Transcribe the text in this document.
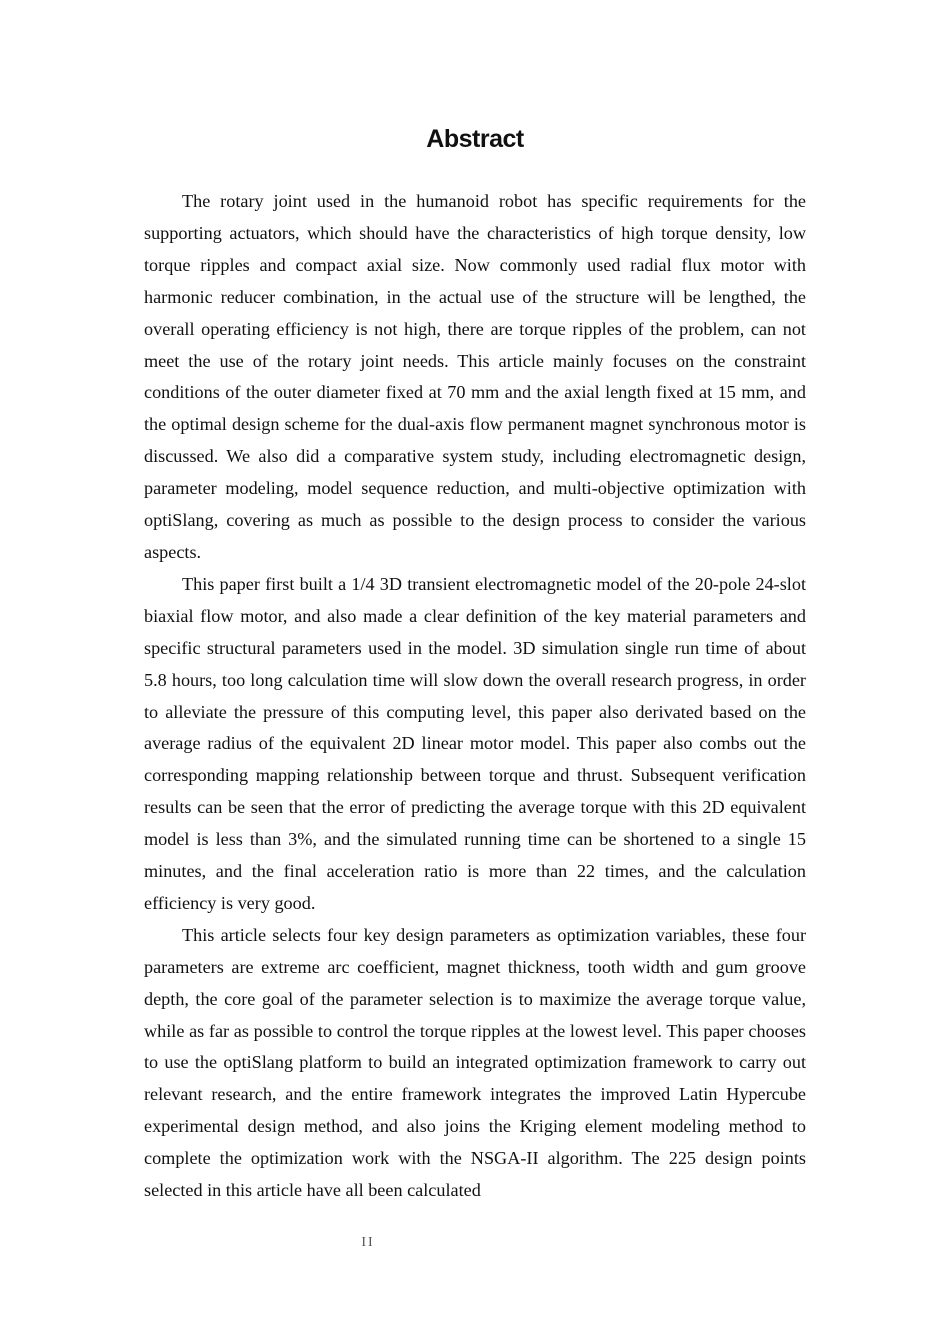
Abstract

The rotary joint used in the humanoid robot has specific requirements for the supporting actuators, which should have the characteristics of high torque density, low torque ripples and compact axial size. Now commonly used radial flux motor with harmonic reducer combination, in the actual use of the structure will be lengthed, the overall operating efficiency is not high, there are torque ripples of the problem, can not meet the use of the rotary joint needs. This article mainly focuses on the constraint conditions of the outer diameter fixed at 70 mm and the axial length fixed at 15 mm, and the optimal design scheme for the dual-axis flow permanent magnet synchronous motor is discussed. We also did a comparative system study, including electromagnetic design, parameter modeling, model sequence reduction, and multi-objective optimization with optiSlang, covering as much as possible to the design process to consider the various aspects.

This paper first built a 1/4 3D transient electromagnetic model of the 20-pole 24-slot biaxial flow motor, and also made a clear definition of the key material parameters and specific structural parameters used in the model. 3D simulation single run time of about 5.8 hours, too long calculation time will slow down the overall research progress, in order to alleviate the pressure of this computing level, this paper also derivated based on the average radius of the equivalent 2D linear motor model. This paper also combs out the corresponding mapping relationship between torque and thrust. Subsequent verification results can be seen that the error of predicting the average torque with this 2D equivalent model is less than 3%, and the simulated running time can be shortened to a single 15 minutes, and the final acceleration ratio is more than 22 times, and the calculation efficiency is very good.

This article selects four key design parameters as optimization variables, these four parameters are extreme arc coefficient, magnet thickness, tooth width and gum groove depth, the core goal of the parameter selection is to maximize the average torque value, while as far as possible to control the torque ripples at the lowest level. This paper chooses to use the optiSlang platform to build an integrated optimization framework to carry out relevant research, and the entire framework integrates the improved Latin Hypercube experimental design method, and also joins the Kriging element modeling method to complete the optimization work with the NSGA-II algorithm. The 225 design points selected in this article have all been calculated

II
